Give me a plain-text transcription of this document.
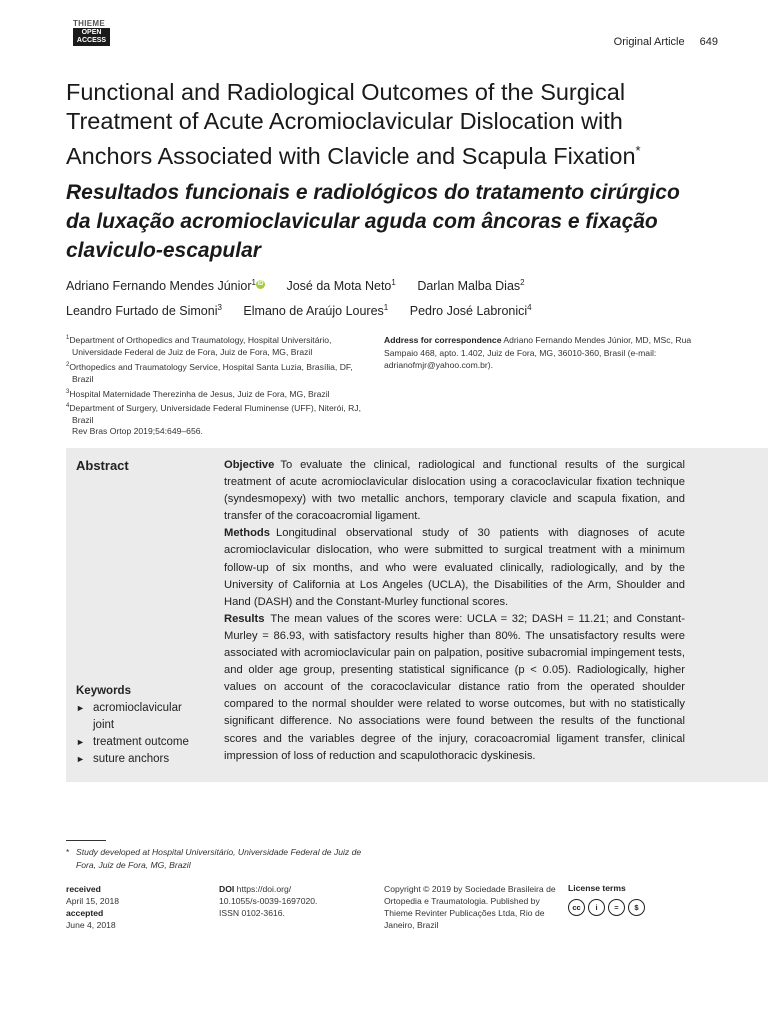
THIEME
OPEN
ACCESS	Original Article 649
Functional and Radiological Outcomes of the Surgical Treatment of Acute Acromioclavicular Dislocation with Anchors Associated with Clavicle and Scapula Fixation*
Resultados funcionais e radiológicos do tratamento cirúrgico da luxação acromioclavicular aguda com âncoras e fixação claviculo-escapular
Adriano Fernando Mendes Júnior$^1$ iD José da Mota Neto$^1$ Darlan Malba Dias$^2$
Leandro Furtado de Simoni$^3$ Elmano de Araújo Loures$^1$ Pedro José Labronici$^4$
$^1$Department of Orthopedics and Traumatology, Hospital Universitário, Universidade Federal de Juiz de Fora, Juiz de Fora, MG, Brazil
$^2$Orthopedics and Traumatology Service, Hospital Santa Luzia, Brasília, DF, Brazil
$^3$Hospital Maternidade Therezinha de Jesus, Juiz de Fora, MG, Brazil
$^4$Department of Surgery, Universidade Federal Fluminense (UFF), Niterói, RJ, Brazil
Rev Bras Ortop 2019;54:649–656.
Address for correspondence Adriano Fernando Mendes Júnior, MD, MSc, Rua Sampaio 468, apto. 1.402, Juiz de Fora, MG, 36010-360, Brasil (e-mail: adrianofmjr@yahoo.com.br).
Abstract	Objective To evaluate the clinical, radiological and functional results of the surgical treatment of acute acromioclavicular dislocation using a coracoclavicular fixation technique (syndesmopexy) with two metallic anchors, temporary clavicle and scapula fixation, and transfer of the coracoacromial ligament.
Methods Longitudinal observational study of 30 patients with diagnoses of acute acromioclavicular dislocation, who were submitted to surgical treatment with a minimum follow-up of six months, and who were evaluated clinically, radiologically, and by the University of California at Los Angeles (UCLA), the Disabilities of the Arm, Shoulder and Hand (DASH) and the Constant-Murley functional scores.
Results The mean values of the scores were: UCLA = 32; DASH = 11.21; and Constant-Murley = 86.93, with satisfactory results higher than 80%. The unsatisfactory results were associated with acromioclavicular pain on palpation, positive subacromial impingement tests, and older age group, presenting statistical significance (p < 0.05). Radiologically, higher values on account of the coracoclavicular distance ratio from the operated shoulder compared to the normal shoulder were related to worse outcomes, but with no statistically significant difference. No associations were found between the results of the functional scores and the variables degree of the injury, coracoacromial ligament transfer, clinical impression of loss of reduction and scapulothoracic dyskinesis.
Keywords
► acromioclavicular joint
► treatment outcome
► suture anchors
* Study developed at Hospital Universitário, Universidade Federal de Juiz de Fora, Juiz de Fora, MG, Brazil
received
April 15, 2018
accepted
June 4, 2018
DOI https://doi.org/
10.1055/s-0039-1697020.
ISSN 0102-3616.
Copyright © 2019 by Sociedade Brasileira de Ortopedia e Traumatologia. Published by Thieme Revinter Publicações Ltda, Rio de Janeiro, Brazil
License terms
cc	i	=	$
